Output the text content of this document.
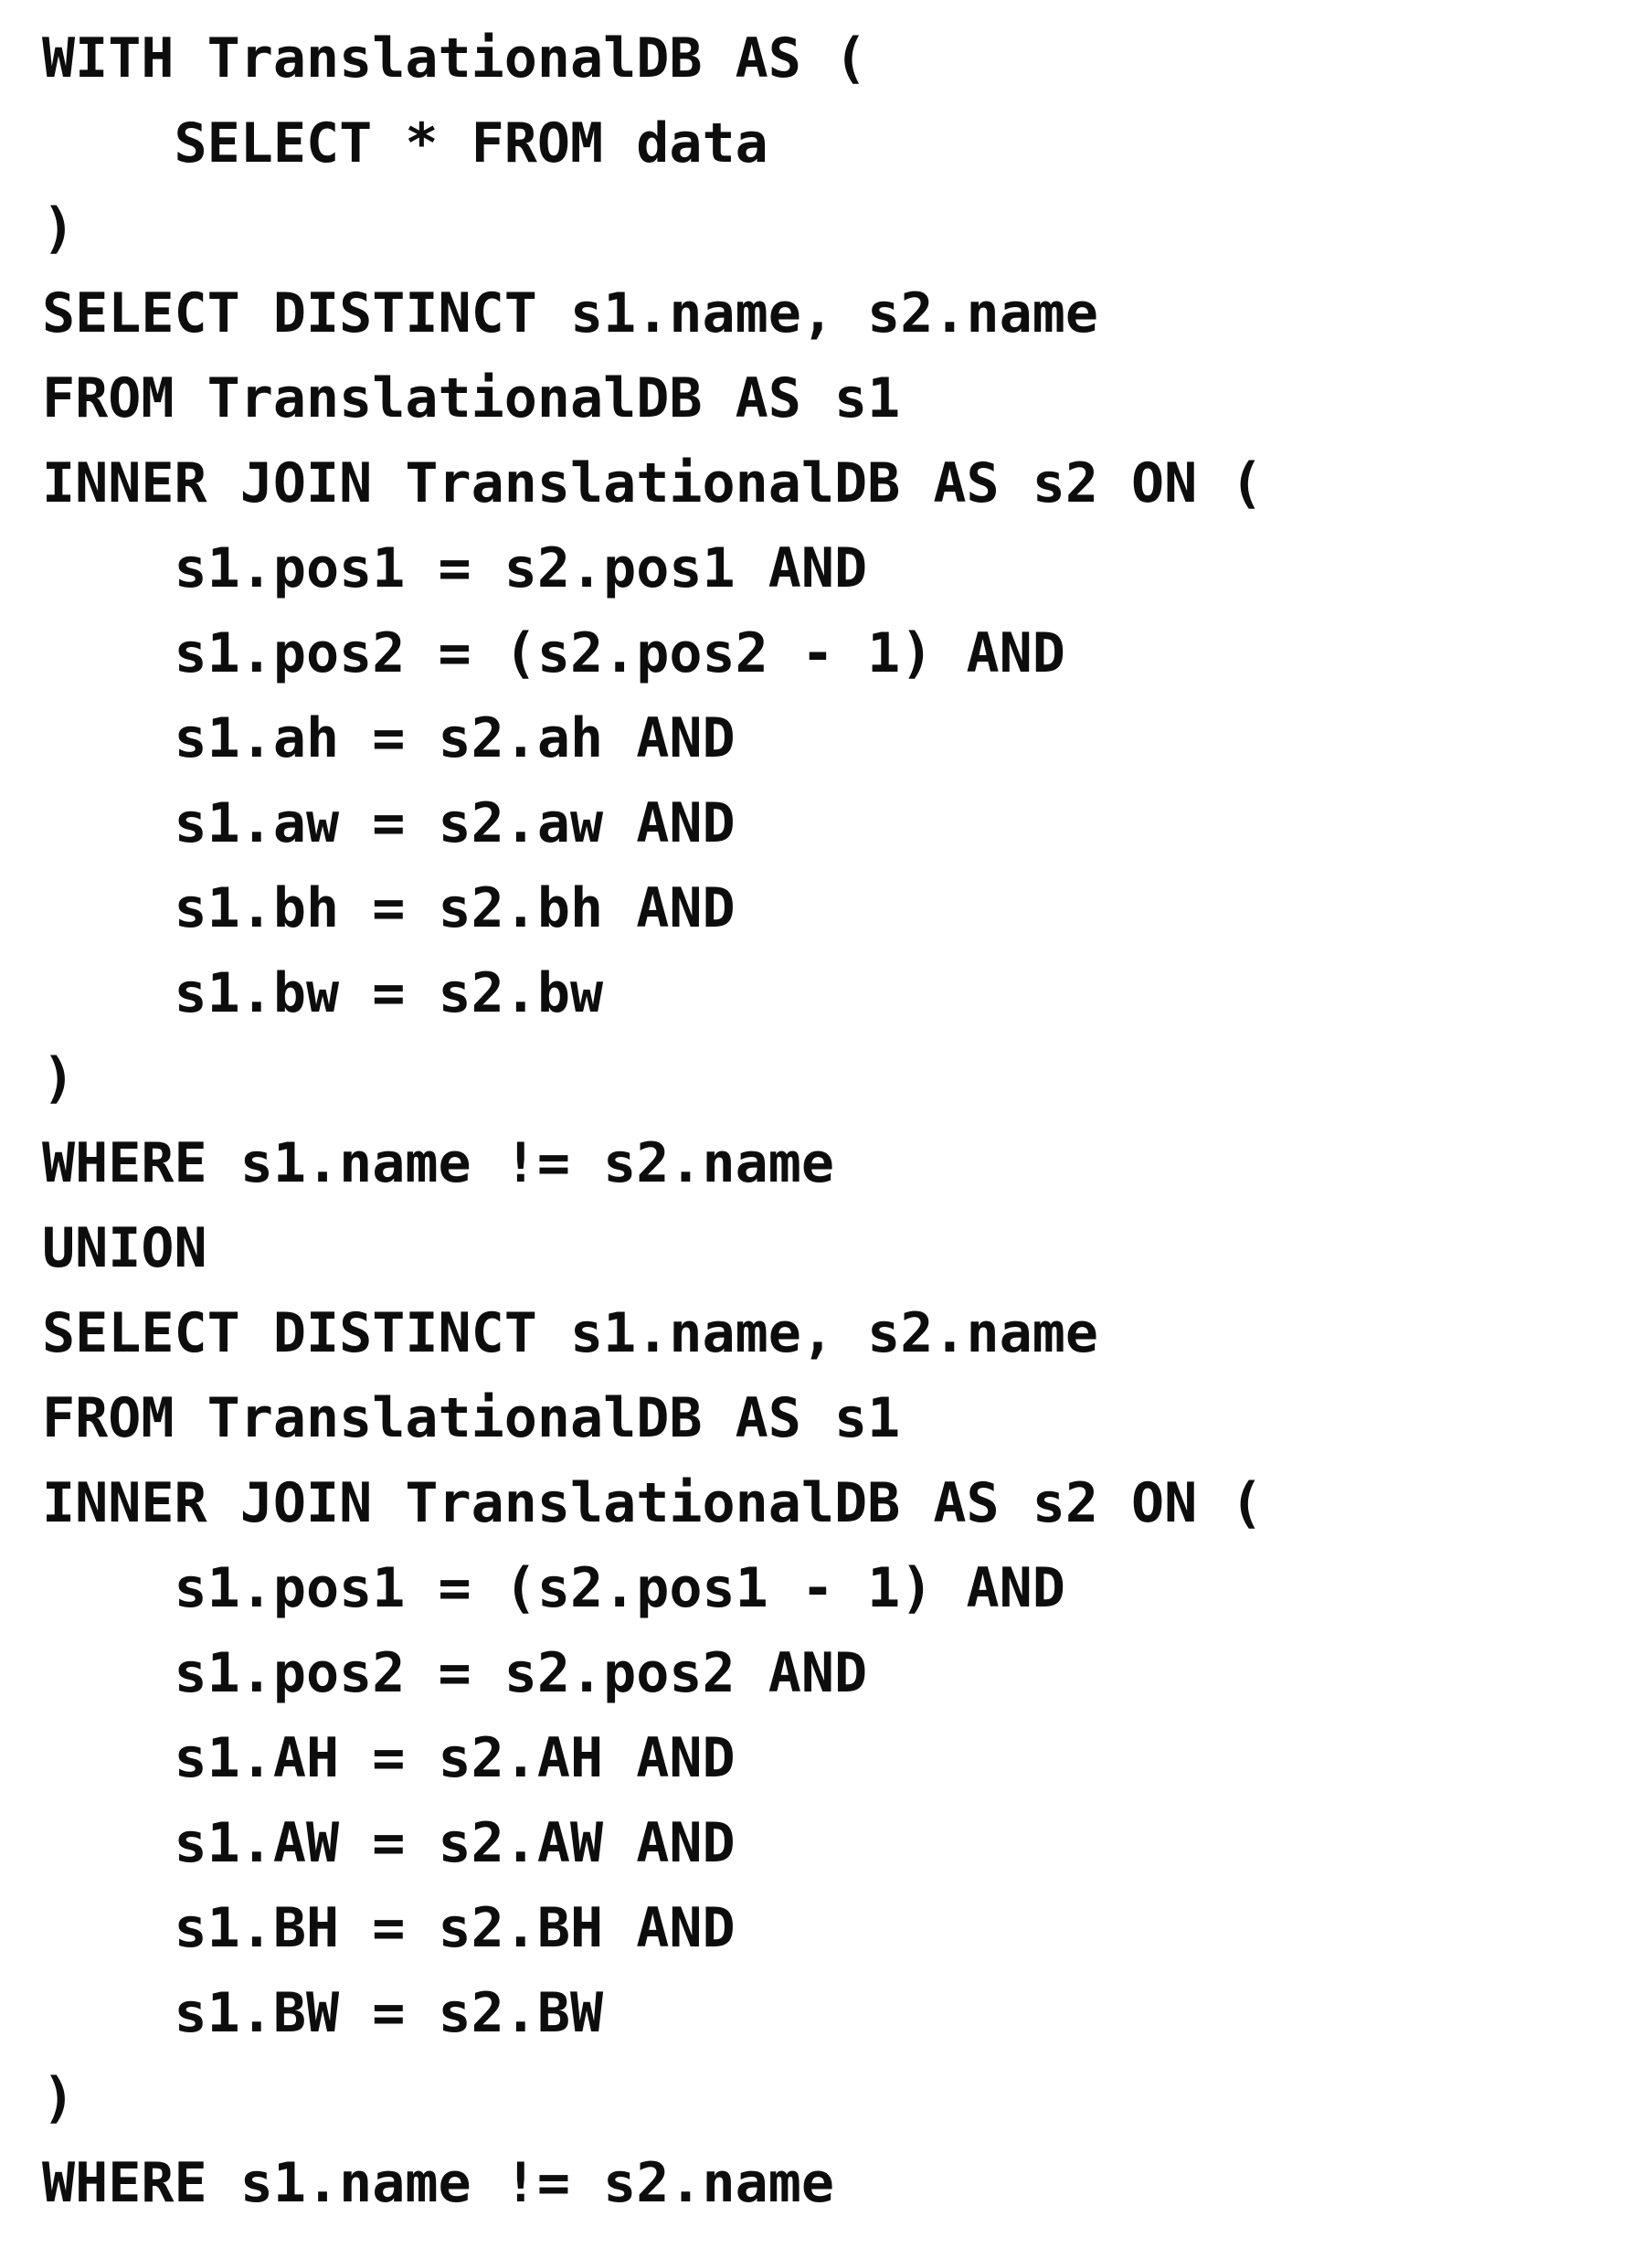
WITH TranslationalDB AS (
SELECT * FROM data
)
SELECT DISTINCT s1.name, s2.name
FROM TranslationalDB AS s1
INNER JOIN TranslationalDB AS s2 ON (
s1.pos1 = s2.pos1 AND
s1.pos2 = (s2.pos2 - 1) AND
s1.ah = s2.ah AND
s1.aw = s2.aw AND
s1.bh = s2.bh AND
s1.bw = s2.bw
)
WHERE s1.name != s2.name
UNION
SELECT DISTINCT s1.name, s2.name
FROM TranslationalDB AS s1
INNER JOIN TranslationalDB AS s2 ON (
s1.pos1 = (s2.pos1 - 1) AND
s1.pos2 = s2.pos2 AND
s1.AH = s2.AH AND
s1.AW = s2.AW AND
s1.BH = s2.BH AND
s1.BW = s2.BW
)
WHERE s1.name != s2.name
